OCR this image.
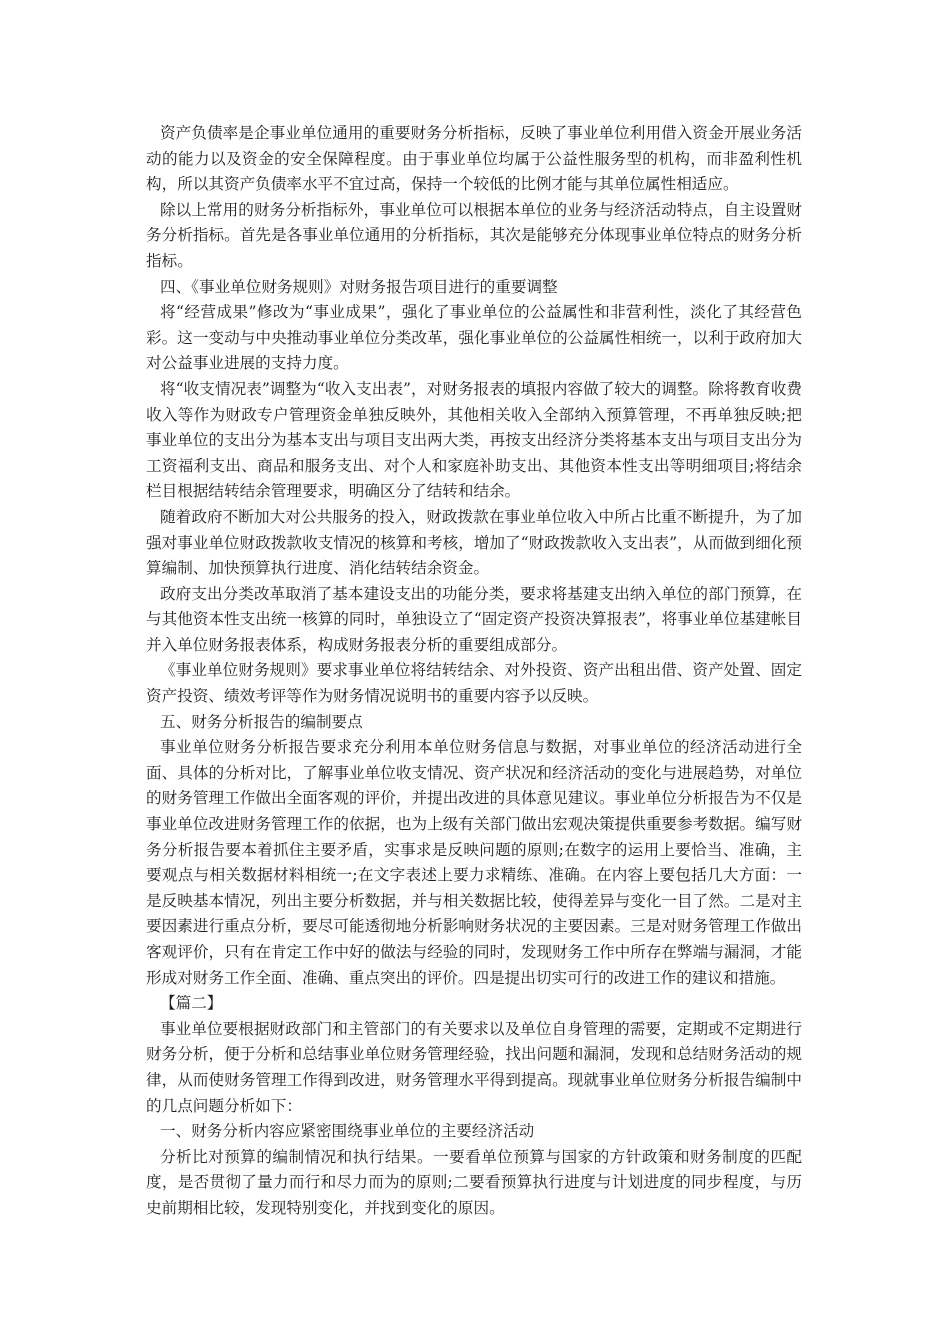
资产负债率是企事业单位通用的重要财务分析指标，反映了事业单位利用借入资金开展业务活动的能力以及资金的安全保障程度。由于事业单位均属于公益性服务型的机构，而非盈利性机构，所以其资产负债率水平不宜过高，保持一个较低的比例才能与其单位属性相适应。

除以上常用的财务分析指标外，事业单位可以根据本单位的业务与经济活动特点，自主设置财务分析指标。首先是各事业单位通用的分析指标，其次是能够充分体现事业单位特点的财务分析指标。

四、《事业单位财务规则》对财务报告项目进行的重要调整

将“经营成果”修改为“事业成果”，强化了事业单位的公益属性和非营利性，淡化了其经营色彩。这一变动与中央推动事业单位分类改革，强化事业单位的公益属性相统一，以利于政府加大对公益事业进展的支持力度。

将“收支情况表”调整为“收入支出表”，对财务报表的填报内容做了较大的调整。除将教育收费收入等作为财政专户管理资金单独反映外，其他相关收入全部纳入预算管理，不再单独反映;把事业单位的支出分为基本支出与项目支出两大类，再按支出经济分类将基本支出与项目支出分为工资福利支出、商品和服务支出、对个人和家庭补助支出、其他资本性支出等明细项目;将结余栏目根据结转结余管理要求，明确区分了结转和结余。

随着政府不断加大对公共服务的投入，财政拨款在事业单位收入中所占比重不断提升，为了加强对事业单位财政拨款收支情况的核算和考核，增加了“财政拨款收入支出表”，从而做到细化预算编制、加快预算执行进度、消化结转结余资金。

政府支出分类改革取消了基本建设支出的功能分类，要求将基建支出纳入单位的部门预算，在与其他资本性支出统一核算的同时，单独设立了“固定资产投资决算报表”，将事业单位基建帐目并入单位财务报表体系，构成财务报表分析的重要组成部分。

《事业单位财务规则》要求事业单位将结转结余、对外投资、资产出租出借、资产处置、固定资产投资、绩效考评等作为财务情况说明书的重要内容予以反映。

五、财务分析报告的编制要点

事业单位财务分析报告要求充分利用本单位财务信息与数据，对事业单位的经济活动进行全面、具体的分析对比，了解事业单位收支情况、资产状况和经济活动的变化与进展趋势，对单位的财务管理工作做出全面客观的评价，并提出改进的具体意见建议。事业单位分析报告为不仅是事业单位改进财务管理工作的依据，也为上级有关部门做出宏观决策提供重要参考数据。编写财务分析报告要本着抓住主要矛盾，实事求是反映问题的原则;在数字的运用上要恰当、准确，主要观点与相关数据材料相统一;在文字表述上要力求精练、准确。在内容上要包括几大方面：一是反映基本情况，列出主要分析数据，并与相关数据比较，使得差异与变化一目了然。二是对主要因素进行重点分析，要尽可能透彻地分析影响财务状况的主要因素。三是对财务管理工作做出客观评价，只有在肯定工作中好的做法与经验的同时，发现财务工作中所存在弊端与漏洞，才能形成对财务工作全面、准确、重点突出的评价。四是提出切实可行的改进工作的建议和措施。

【篇二】

事业单位要根据财政部门和主管部门的有关要求以及单位自身管理的需要，定期或不定期进行财务分析，便于分析和总结事业单位财务管理经验，找出问题和漏洞，发现和总结财务活动的规律，从而使财务管理工作得到改进，财务管理水平得到提高。现就事业单位财务分析报告编制中的几点问题分析如下：

一、财务分析内容应紧密围绕事业单位的主要经济活动

分析比对预算的编制情况和执行结果。一要看单位预算与国家的方针政策和财务制度的匹配度，是否贯彻了量力而行和尽力而为的原则;二要看预算执行进度与计划进度的同步程度，与历史前期相比较，发现特别变化，并找到变化的原因。
